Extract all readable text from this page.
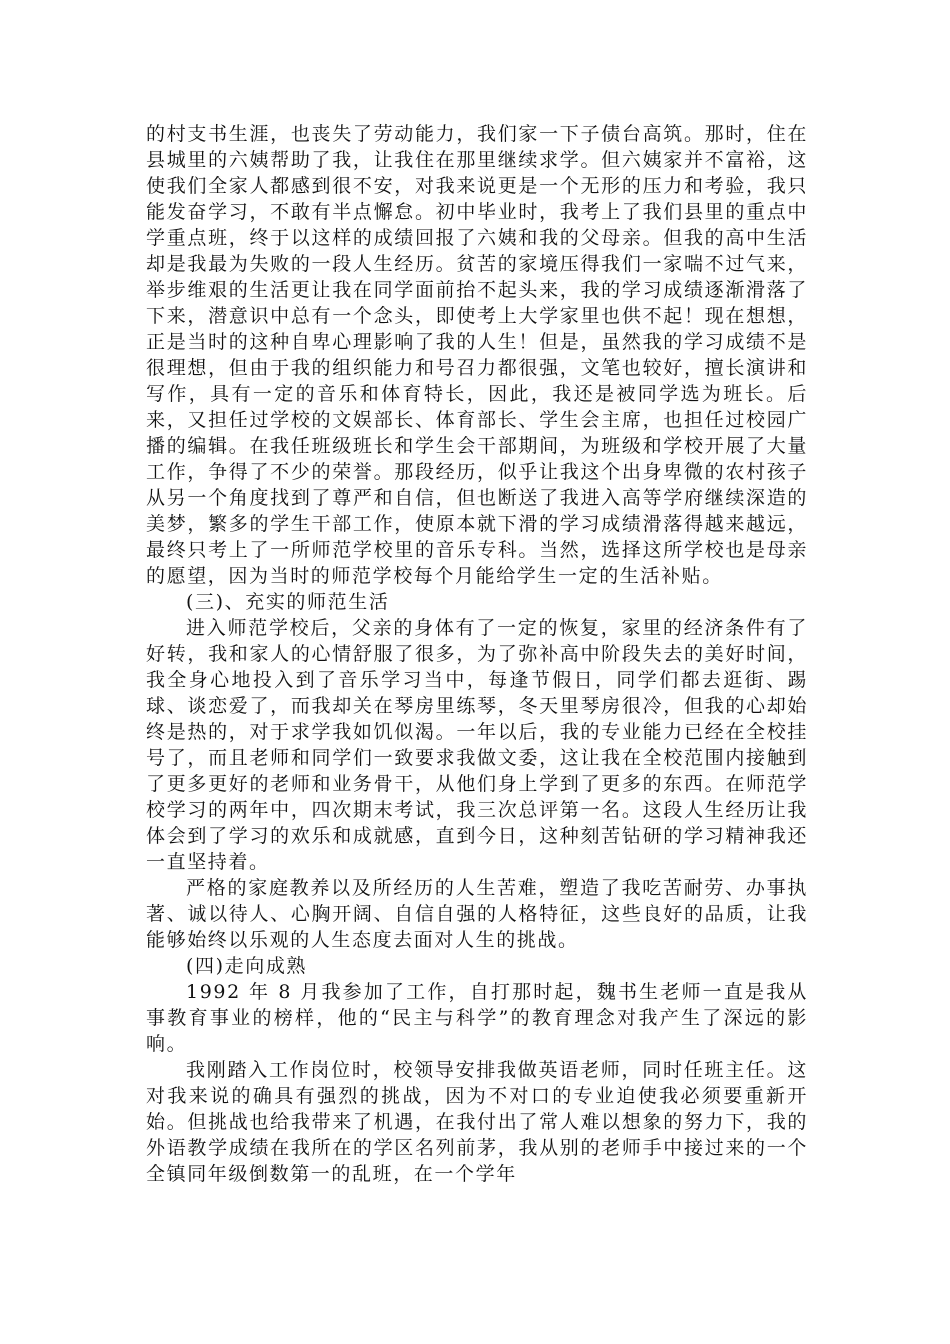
的村支书生涯，也丧失了劳动能力，我们家一下子债台高筑。那时，住在县城里的六姨帮助了我，让我住在那里继续求学。但六姨家并不富裕，这使我们全家人都感到很不安，对我来说更是一个无形的压力和考验，我只能发奋学习，不敢有半点懈怠。初中毕业时，我考上了我们县里的重点中学重点班，终于以这样的成绩回报了六姨和我的父母亲。但我的高中生活却是我最为失败的一段人生经历。贫苦的家境压得我们一家喘不过气来，举步维艰的生活更让我在同学面前抬不起头来，我的学习成绩逐渐滑落了下来，潜意识中总有一个念头，即使考上大学家里也供不起！现在想想，正是当时的这种自卑心理影响了我的人生！但是，虽然我的学习成绩不是很理想，但由于我的组织能力和号召力都很强，文笔也较好，擅长演讲和写作，具有一定的音乐和体育特长，因此，我还是被同学选为班长。后来，又担任过学校的文娱部长、体育部长、学生会主席，也担任过校园广播的编辑。在我任班级班长和学生会干部期间，为班级和学校开展了大量工作，争得了不少的荣誉。那段经历，似乎让我这个出身卑微的农村孩子从另一个角度找到了尊严和自信，但也断送了我进入高等学府继续深造的美梦，繁多的学生干部工作，使原本就下滑的学习成绩滑落得越来越远，最终只考上了一所师范学校里的音乐专科。当然，选择这所学校也是母亲的愿望，因为当时的师范学校每个月能给学生一定的生活补贴。

(三)、充实的师范生活

进入师范学校后，父亲的身体有了一定的恢复，家里的经济条件有了好转，我和家人的心情舒服了很多，为了弥补高中阶段失去的美好时间，我全身心地投入到了音乐学习当中，每逢节假日，同学们都去逛街、踢球、谈恋爱了，而我却关在琴房里练琴，冬天里琴房很冷，但我的心却始终是热的，对于求学我如饥似渴。一年以后，我的专业能力已经在全校挂号了，而且老师和同学们一致要求我做文委，这让我在全校范围内接触到了更多更好的老师和业务骨干，从他们身上学到了更多的东西。在师范学校学习的两年中，四次期末考试，我三次总评第一名。这段人生经历让我体会到了学习的欢乐和成就感，直到今日，这种刻苦钻研的学习精神我还一直坚持着。

严格的家庭教养以及所经历的人生苦难，塑造了我吃苦耐劳、办事执著、诚以待人、心胸开阔、自信自强的人格特征，这些良好的品质，让我能够始终以乐观的人生态度去面对人生的挑战。

(四)走向成熟

1992 年 8 月我参加了工作，自打那时起，魏书生老师一直是我从事教育事业的榜样，他的“民主与科学”的教育理念对我产生了深远的影响。

我刚踏入工作岗位时，校领导安排我做英语老师，同时任班主任。这对我来说的确具有强烈的挑战，因为不对口的专业迫使我必须要重新开始。但挑战也给我带来了机遇，在我付出了常人难以想象的努力下，我的外语教学成绩在我所在的学区名列前茅，我从别的老师手中接过来的一个全镇同年级倒数第一的乱班，在一个学年
